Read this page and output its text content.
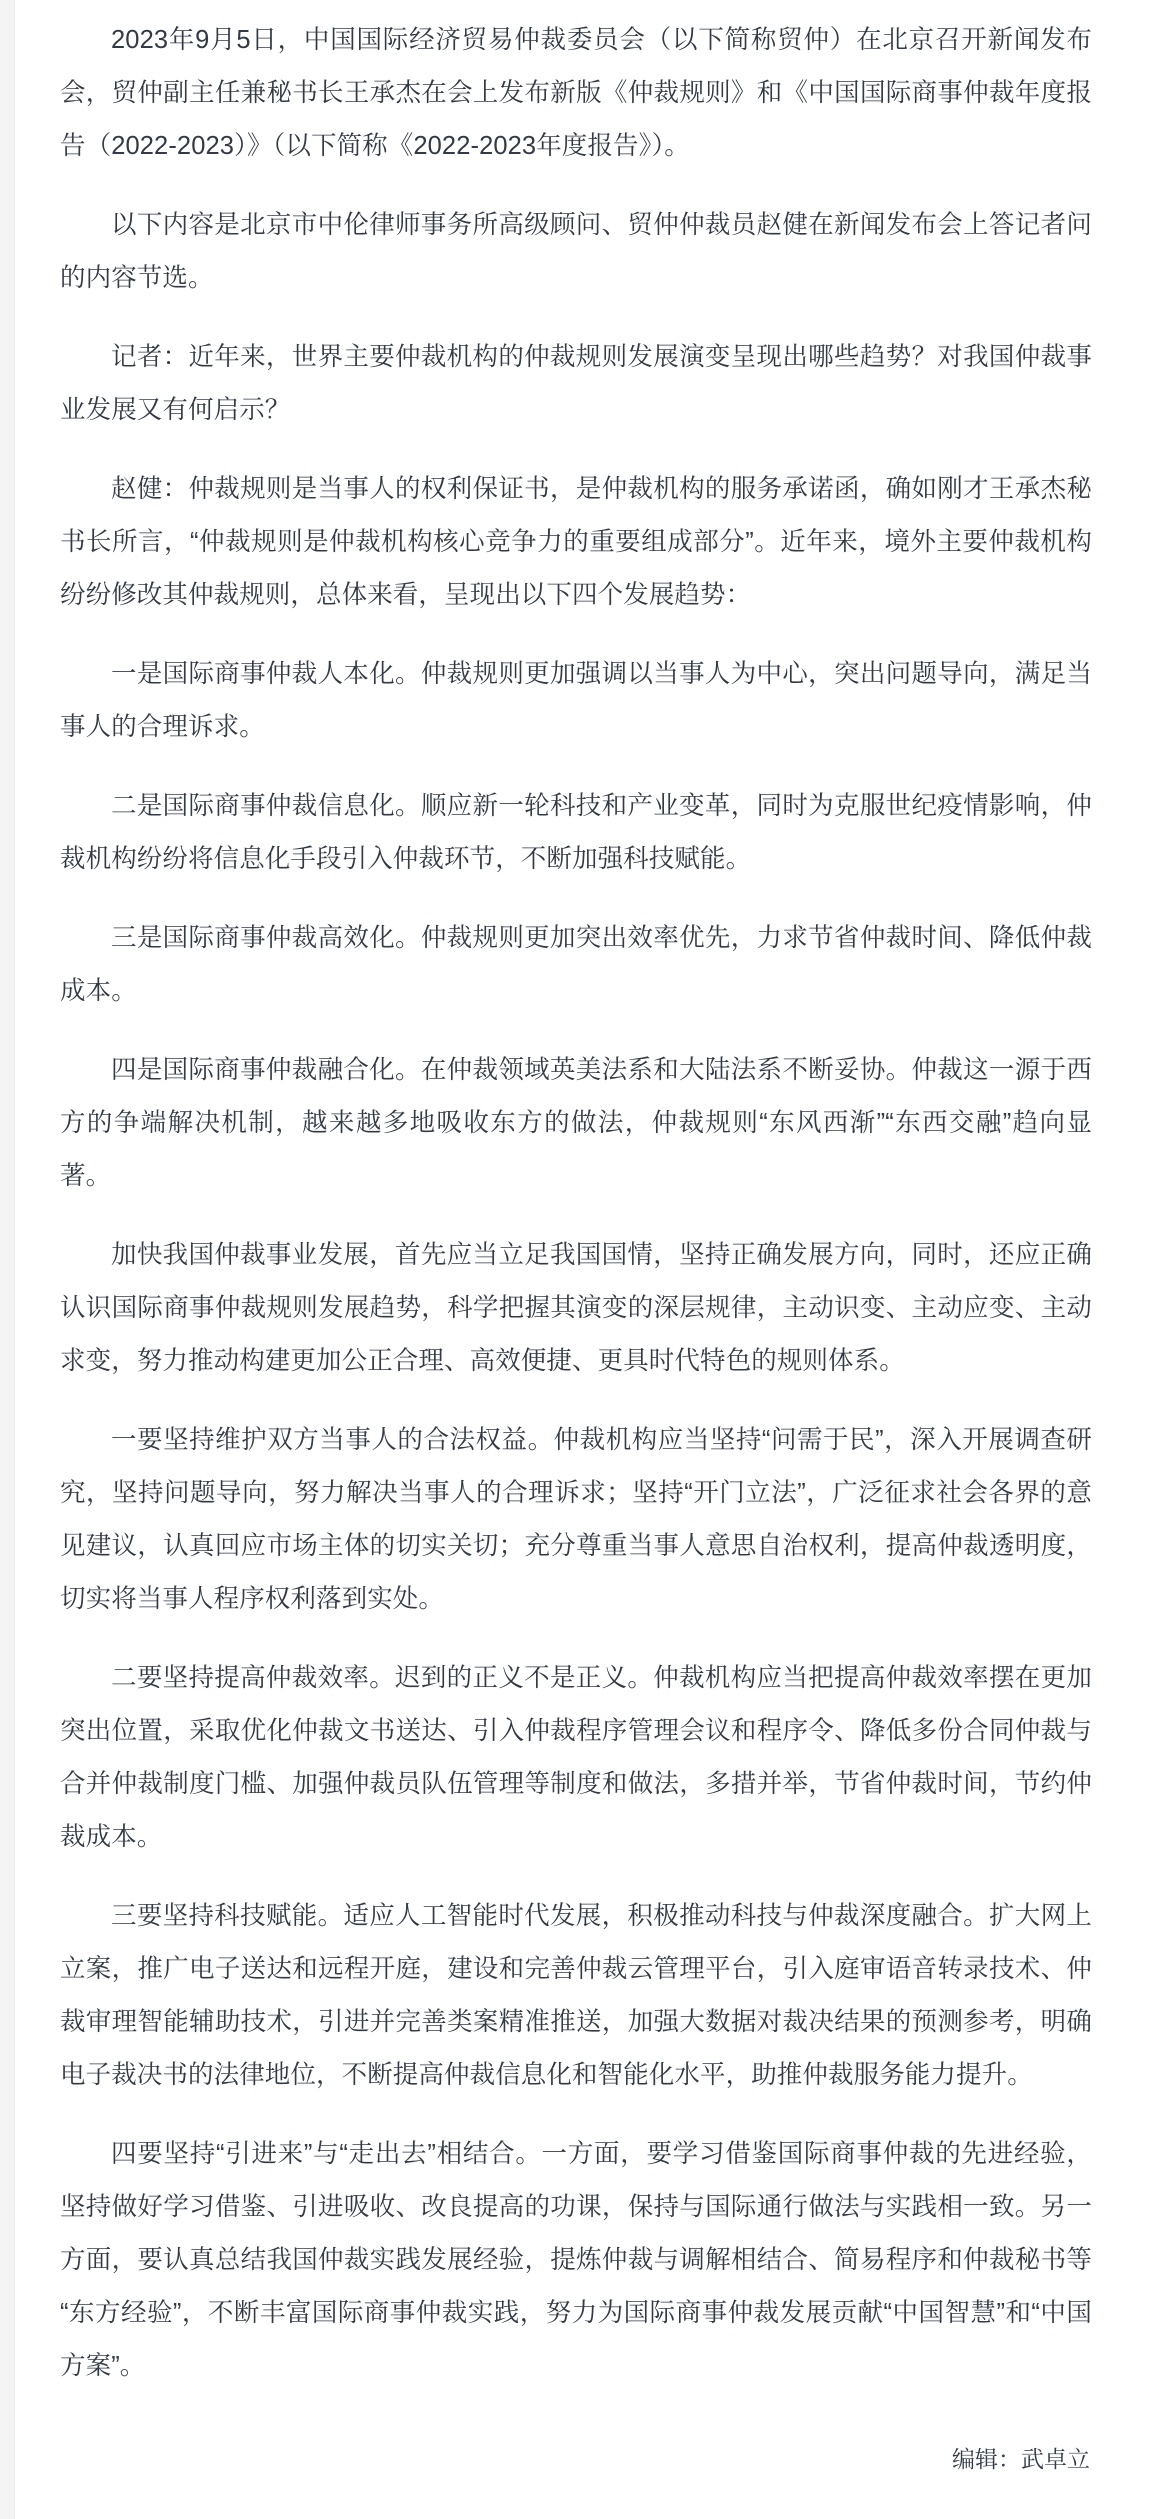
2023年9月5日，中国国际经济贸易仲裁委员会（以下简称贸仲）在北京召开新闻发布会，贸仲副主任兼秘书长王承杰在会上发布新版《仲裁规则》和《中国国际商事仲裁年度报告（2022-2023）》（以下简称《2022-2023年度报告》）。

以下内容是北京市中伦律师事务所高级顾问、贸仲仲裁员赵健在新闻发布会上答记者问的内容节选。

记者：近年来，世界主要仲裁机构的仲裁规则发展演变呈现出哪些趋势？对我国仲裁事业发展又有何启示？

赵健：仲裁规则是当事人的权利保证书，是仲裁机构的服务承诺函，确如刚才王承杰秘书长所言，“仲裁规则是仲裁机构核心竞争力的重要组成部分”。近年来，境外主要仲裁机构纷纷修改其仲裁规则，总体来看，呈现出以下四个发展趋势：

一是国际商事仲裁人本化。仲裁规则更加强调以当事人为中心，突出问题导向，满足当事人的合理诉求。

二是国际商事仲裁信息化。顺应新一轮科技和产业变革，同时为克服世纪疫情影响，仲裁机构纷纷将信息化手段引入仲裁环节，不断加强科技赋能。

三是国际商事仲裁高效化。仲裁规则更加突出效率优先，力求节省仲裁时间、降低仲裁成本。

四是国际商事仲裁融合化。在仲裁领域英美法系和大陆法系不断妥协。仲裁这一源于西方的争端解决机制，越来越多地吸收东方的做法，仲裁规则“东风西渐”“东西交融”趋向显著。

加快我国仲裁事业发展，首先应当立足我国国情，坚持正确发展方向，同时，还应正确认识国际商事仲裁规则发展趋势，科学把握其演变的深层规律，主动识变、主动应变、主动求变，努力推动构建更加公正合理、高效便捷、更具时代特色的规则体系。

一要坚持维护双方当事人的合法权益。仲裁机构应当坚持“问需于民”，深入开展调查研究，坚持问题导向，努力解决当事人的合理诉求；坚持“开门立法”，广泛征求社会各界的意见建议，认真回应市场主体的切实关切；充分尊重当事人意思自治权利，提高仲裁透明度，切实将当事人程序权利落到实处。

二要坚持提高仲裁效率。迟到的正义不是正义。仲裁机构应当把提高仲裁效率摆在更加突出位置，采取优化仲裁文书送达、引入仲裁程序管理会议和程序令、降低多份合同仲裁与合并仲裁制度门槛、加强仲裁员队伍管理等制度和做法，多措并举，节省仲裁时间，节约仲裁成本。

三要坚持科技赋能。适应人工智能时代发展，积极推动科技与仲裁深度融合。扩大网上立案，推广电子送达和远程开庭，建设和完善仲裁云管理平台，引入庭审语音转录技术、仲裁审理智能辅助技术，引进并完善类案精准推送，加强大数据对裁决结果的预测参考，明确电子裁决书的法律地位，不断提高仲裁信息化和智能化水平，助推仲裁服务能力提升。

四要坚持“引进来”与“走出去”相结合。一方面，要学习借鉴国际商事仲裁的先进经验，坚持做好学习借鉴、引进吸收、改良提高的功课，保持与国际通行做法与实践相一致。另一方面，要认真总结我国仲裁实践发展经验，提炼仲裁与调解相结合、简易程序和仲裁秘书等“东方经验”，不断丰富国际商事仲裁实践，努力为国际商事仲裁发展贡献“中国智慧”和“中国方案”。

编辑：武卓立
